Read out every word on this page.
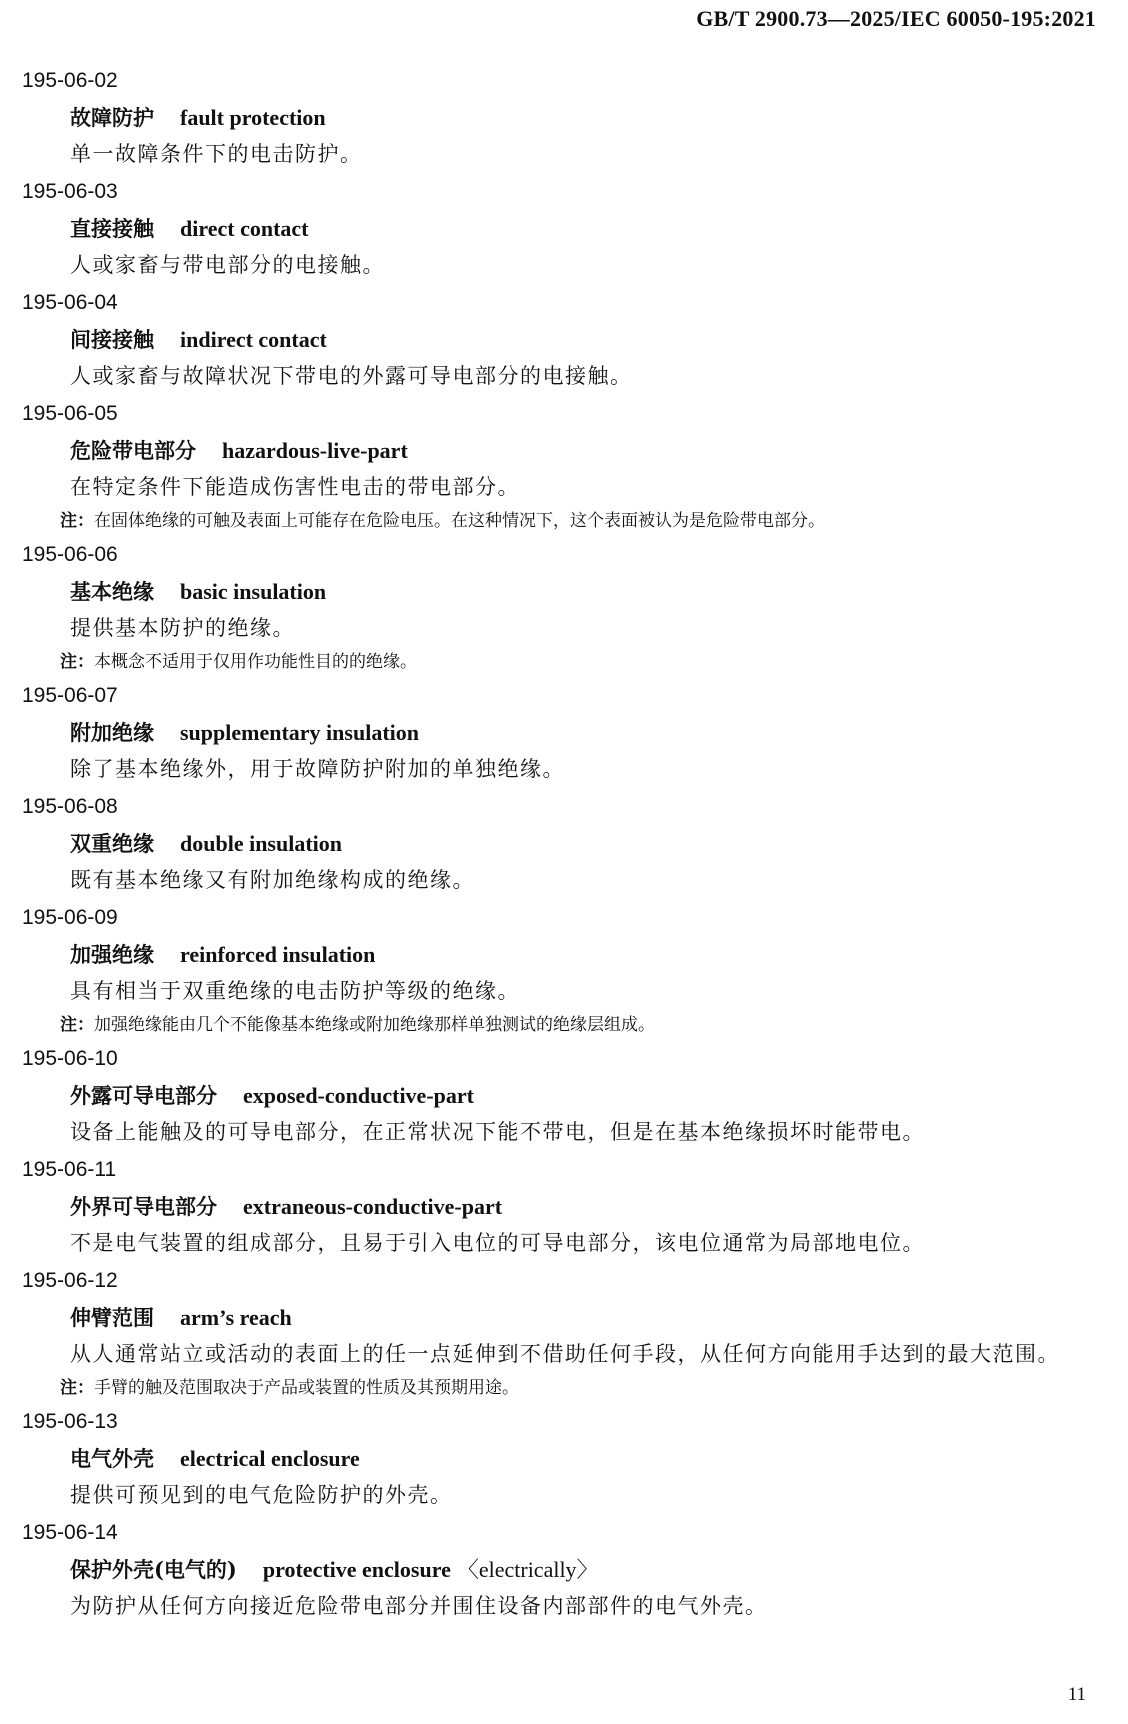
GB/T 2900.73—2025/IEC 60050-195:2021
195-06-02
故障防护 fault protection
单一故障条件下的电击防护。
195-06-03
直接接触 direct contact
人或家畜与带电部分的电接触。
195-06-04
间接接触 indirect contact
人或家畜与故障状况下带电的外露可导电部分的电接触。
195-06-05
危险带电部分 hazardous-live-part
在特定条件下能造成伤害性电击的带电部分。
注：在固体绝缘的可触及表面上可能存在危险电压。在这种情况下，这个表面被认为是危险带电部分。
195-06-06
基本绝缘 basic insulation
提供基本防护的绝缘。
注：本概念不适用于仅用作功能性目的的绝缘。
195-06-07
附加绝缘 supplementary insulation
除了基本绝缘外，用于故障防护附加的单独绝缘。
195-06-08
双重绝缘 double insulation
既有基本绝缘又有附加绝缘构成的绝缘。
195-06-09
加强绝缘 reinforced insulation
具有相当于双重绝缘的电击防护等级的绝缘。
注：加强绝缘能由几个不能像基本绝缘或附加绝缘那样单独测试的绝缘层组成。
195-06-10
外露可导电部分 exposed-conductive-part
设备上能触及的可导电部分，在正常状况下能不带电，但是在基本绝缘损坏时能带电。
195-06-11
外界可导电部分 extraneous-conductive-part
不是电气装置的组成部分，且易于引入电位的可导电部分，该电位通常为局部地电位。
195-06-12
伸臂范围 arm’s reach
从人通常站立或活动的表面上的任一点延伸到不借助任何手段，从任何方向能用手达到的最大范围。
注：手臂的触及范围取决于产品或装置的性质及其预期用途。
195-06-13
电气外壳 electrical enclosure
提供可预见到的电气危险防护的外壳。
195-06-14
保护外壳(电气的) protective enclosure 〈electrically〉
为防护从任何方向接近危险带电部分并围住设备内部部件的电气外壳。
11
